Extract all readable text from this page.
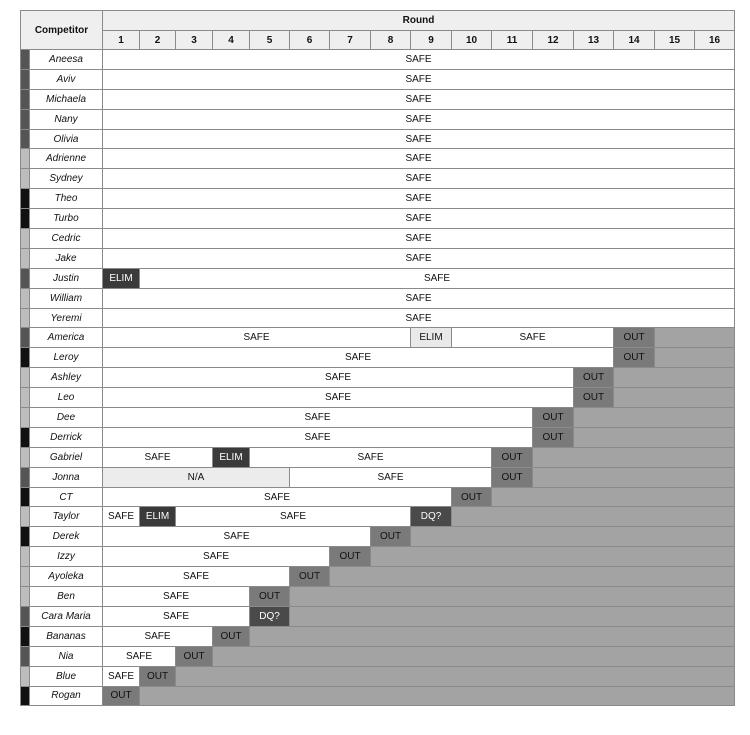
Competitor		Round															
		1	2	3	4	5	6	7	8	9	10	11	12	13	14	15	16
	Aneesa	SAFE															
	Aviv	SAFE															
	Michaela	SAFE															
	Nany	SAFE															
	Olivia	SAFE															
	Adrienne	SAFE															
	Sydney	SAFE															
	Theo	SAFE															
	Turbo	SAFE															
	Cedric	SAFE															
	Jake	SAFE															
	Justin	ELIM	SAFE														
	William	SAFE															
	Yeremi	SAFE															
	America	SAFE								ELIM	SAFE				OUT		
	Leroy	SAFE													OUT		
	Ashley	SAFE												OUT			
	Leo	SAFE												OUT			
	Dee	SAFE											OUT				
	Derrick	SAFE											OUT				
	Gabriel	SAFE			ELIM	SAFE						OUT					
	Jonna	N/A					SAFE					OUT					
	CT	SAFE									OUT						
	Taylor	SAFE	ELIM	SAFE						DQ?							
	Derek	SAFE							OUT								
	Izzy	SAFE						OUT									
	Ayoleka	SAFE					OUT										
	Ben	SAFE				OUT											
	Cara Maria	SAFE				DQ?											
	Bananas	SAFE			OUT												
	Nia	SAFE		OUT													
	Blue	SAFE	OUT														
	Rogan	OUT															
